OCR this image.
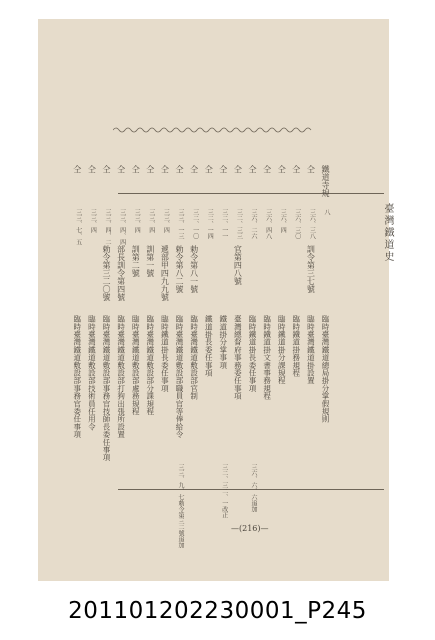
臺灣鐵道史
鐵道寺規
八
臨時臺灣鐵道總局掛分掌假規則
仝
三六、三八
訓令第三七號
臨時臺灣鐵道掛設置
仝
三六、三〇
臨時鐵道掛務規程
仝
三六、四
臨時鐵道掛分課規程
仝
三六、四八
臨時鐵道掛文書事務規程
仝
三六、二六
臨時鐵道掛長委任事項
三六、六、六追加
仝
三二、三三
官第四八號
臺灣總督府事務委任事項
仝
三二、一一
鐵道掛分掌事項
三二、三二、一改正
仝
三二、一四
鐵道掛長委任事項
仝
三二、一〇
勅令第八一號
臨時臺灣鐵道敷設部官制
仝
三三、一三
勅令第八二號
臨時臺灣鐵道敷設部職員官等俸給令
三三、九、七勅令第三二號追加
仝
三三、四
遞部甲四九九號
臨時鐵道掛長委任事項
仝
三三、四
訓第一號
臨時臺灣鐵道敷設部分課規程
仝
三三、四
訓第二號
臨時臺灣鐵道敷設部處務規程
仝
三三、四、四
部長訓令第四號
臨時臺灣鐵道敷設部打狗出張所設置
仝
三三、四、二
勅令第三二〇號
臨時臺灣鐵道敷設部事務官技師長委任事項
仝
三三、四
臨時臺灣鐵道敷設部技術員任用令
仝
三三、七、五
臨時臺灣鐵道敷設部事務官委任事項
—(216)—
201101202230001_P245
